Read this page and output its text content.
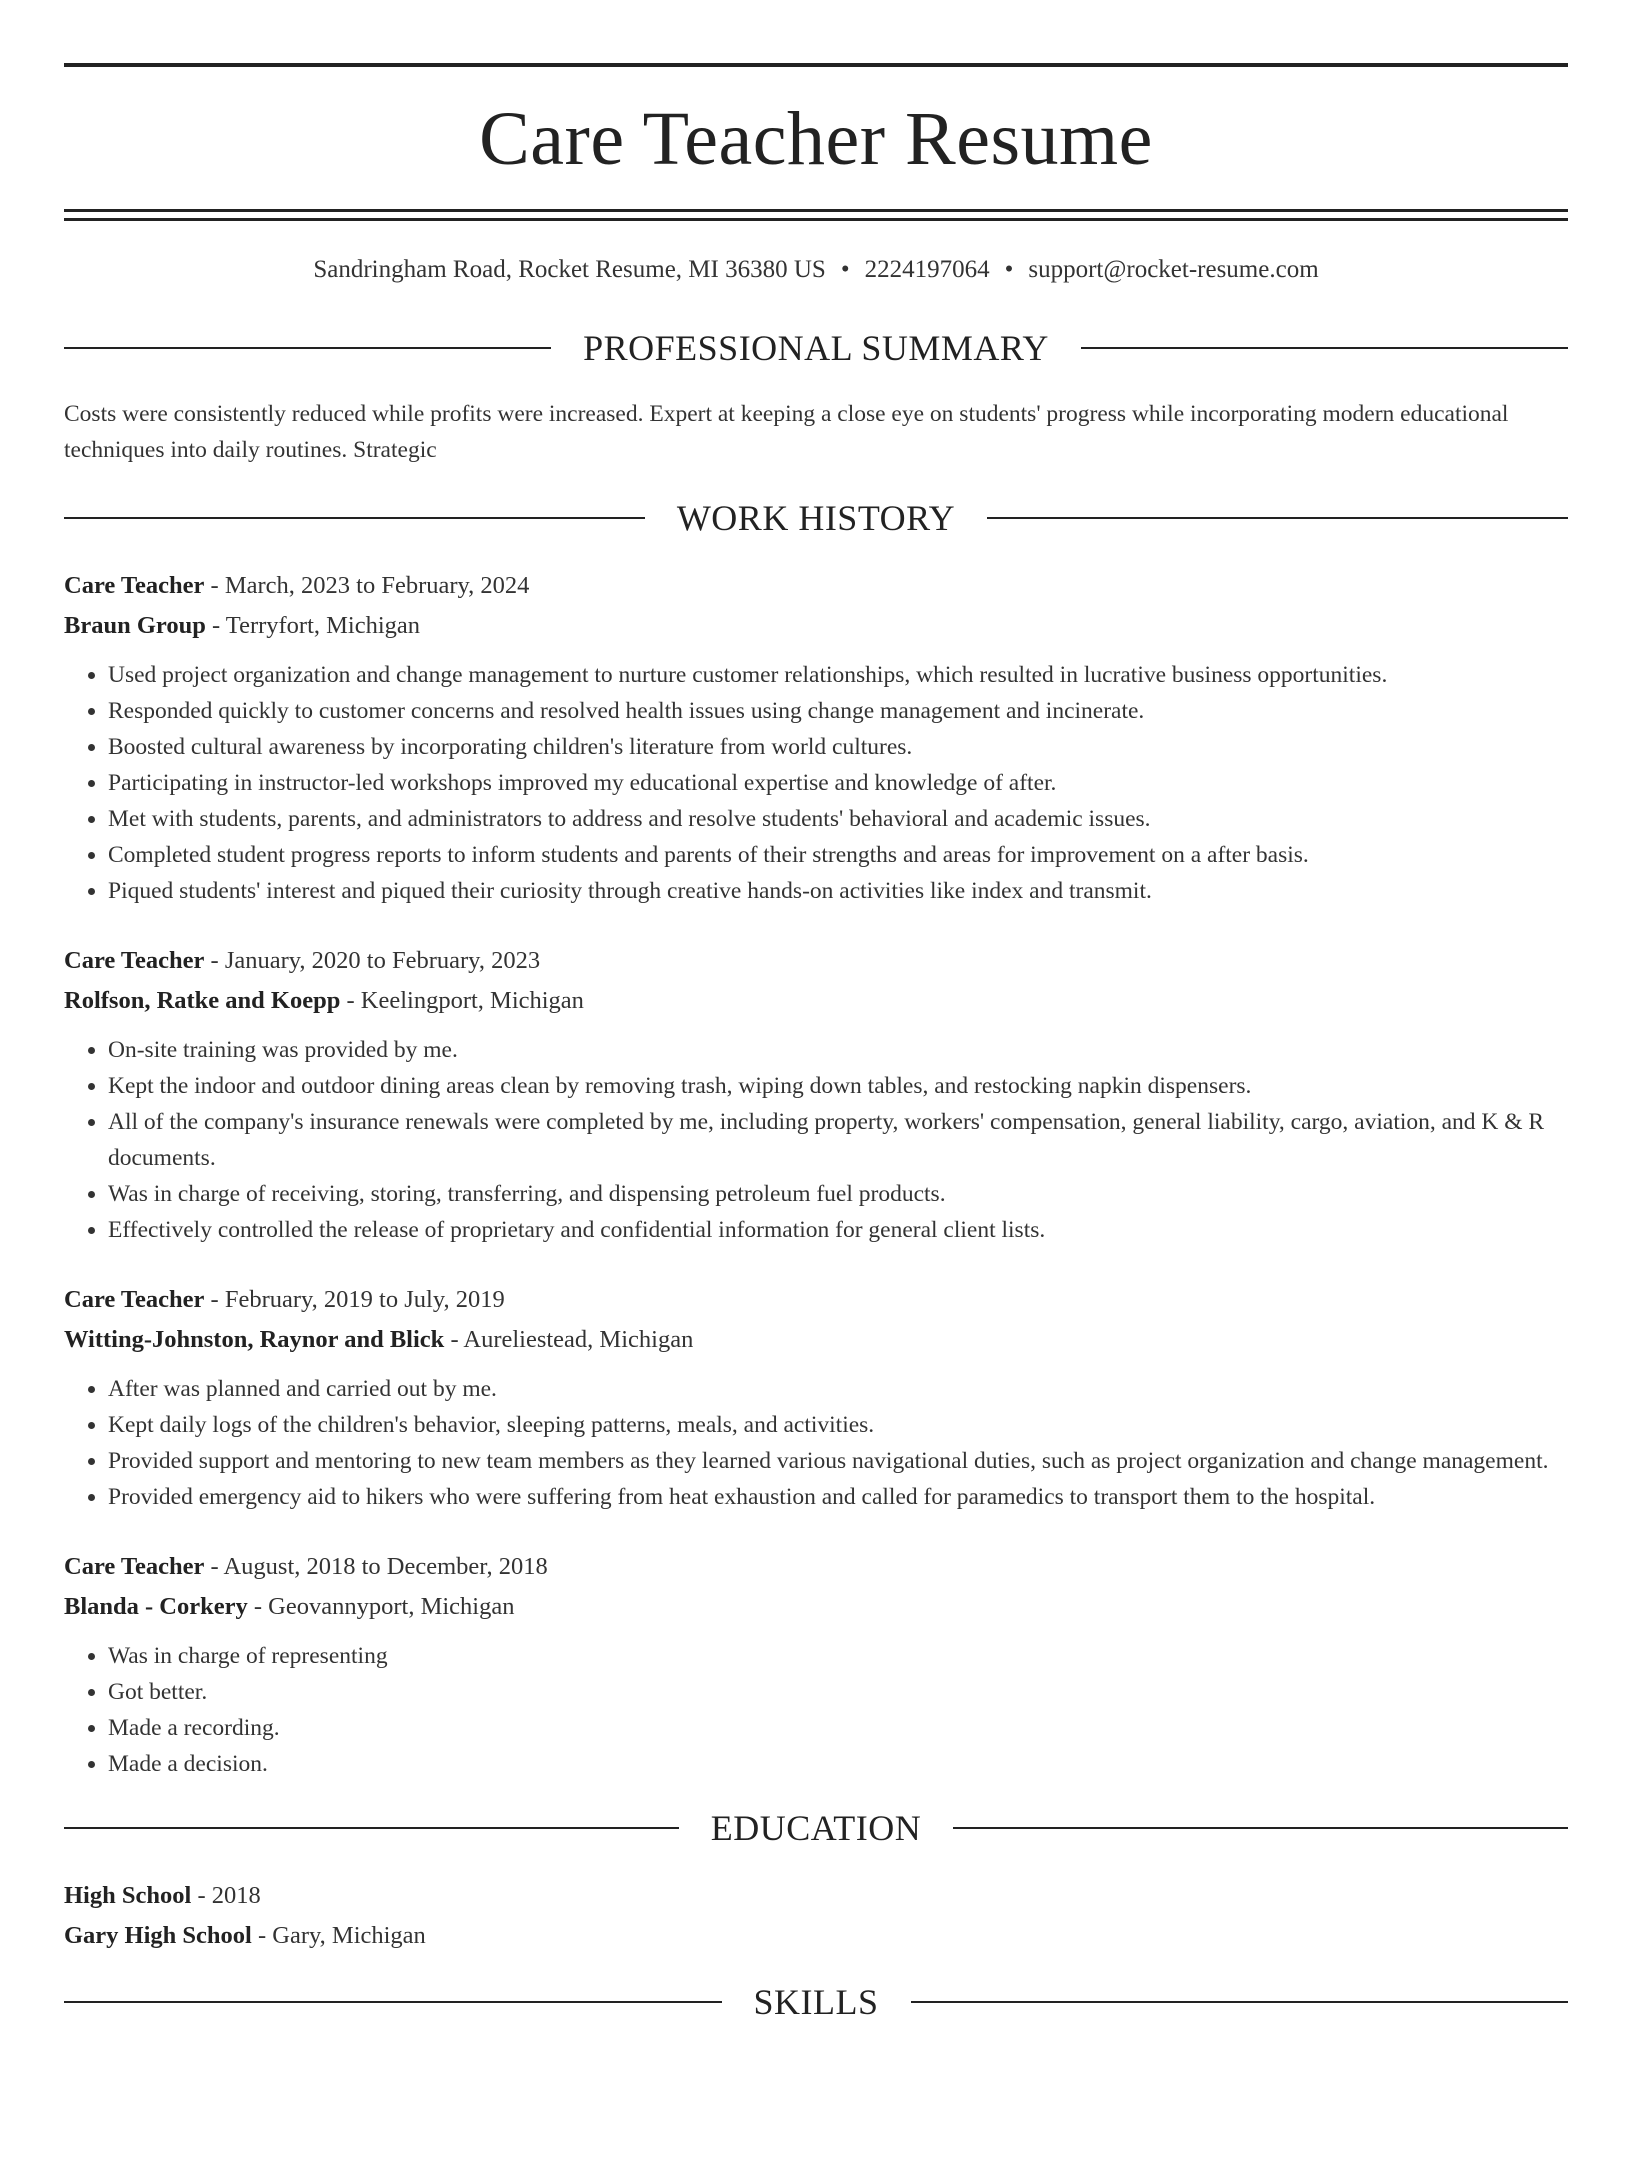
Care Teacher Resume
Sandringham Road, Rocket Resume, MI 36380 US • 2224197064 • support@rocket-resume.com
PROFESSIONAL SUMMARY
Costs were consistently reduced while profits were increased. Expert at keeping a close eye on students' progress while incorporating modern educational techniques into daily routines. Strategic
WORK HISTORY
Care Teacher - March, 2023 to February, 2024
Braun Group - Terryfort, Michigan
• Used project organization and change management to nurture customer relationships, which resulted in lucrative business opportunities.
• Responded quickly to customer concerns and resolved health issues using change management and incinerate.
• Boosted cultural awareness by incorporating children's literature from world cultures.
• Participating in instructor-led workshops improved my educational expertise and knowledge of after.
• Met with students, parents, and administrators to address and resolve students' behavioral and academic issues.
• Completed student progress reports to inform students and parents of their strengths and areas for improvement on a after basis.
• Piqued students' interest and piqued their curiosity through creative hands-on activities like index and transmit.
Care Teacher - January, 2020 to February, 2023
Rolfson, Ratke and Koepp - Keelingport, Michigan
• On-site training was provided by me.
• Kept the indoor and outdoor dining areas clean by removing trash, wiping down tables, and restocking napkin dispensers.
• All of the company's insurance renewals were completed by me, including property, workers' compensation, general liability, cargo, aviation, and K & R documents.
• Was in charge of receiving, storing, transferring, and dispensing petroleum fuel products.
• Effectively controlled the release of proprietary and confidential information for general client lists.
Care Teacher - February, 2019 to July, 2019
Witting-Johnston, Raynor and Blick - Aureliestead, Michigan
• After was planned and carried out by me.
• Kept daily logs of the children's behavior, sleeping patterns, meals, and activities.
• Provided support and mentoring to new team members as they learned various navigational duties, such as project organization and change management.
• Provided emergency aid to hikers who were suffering from heat exhaustion and called for paramedics to transport them to the hospital.
Care Teacher - August, 2018 to December, 2018
Blanda - Corkery - Geovannyport, Michigan
• Was in charge of representing
• Got better.
• Made a recording.
• Made a decision.
EDUCATION
High School - 2018
Gary High School - Gary, Michigan
SKILLS
